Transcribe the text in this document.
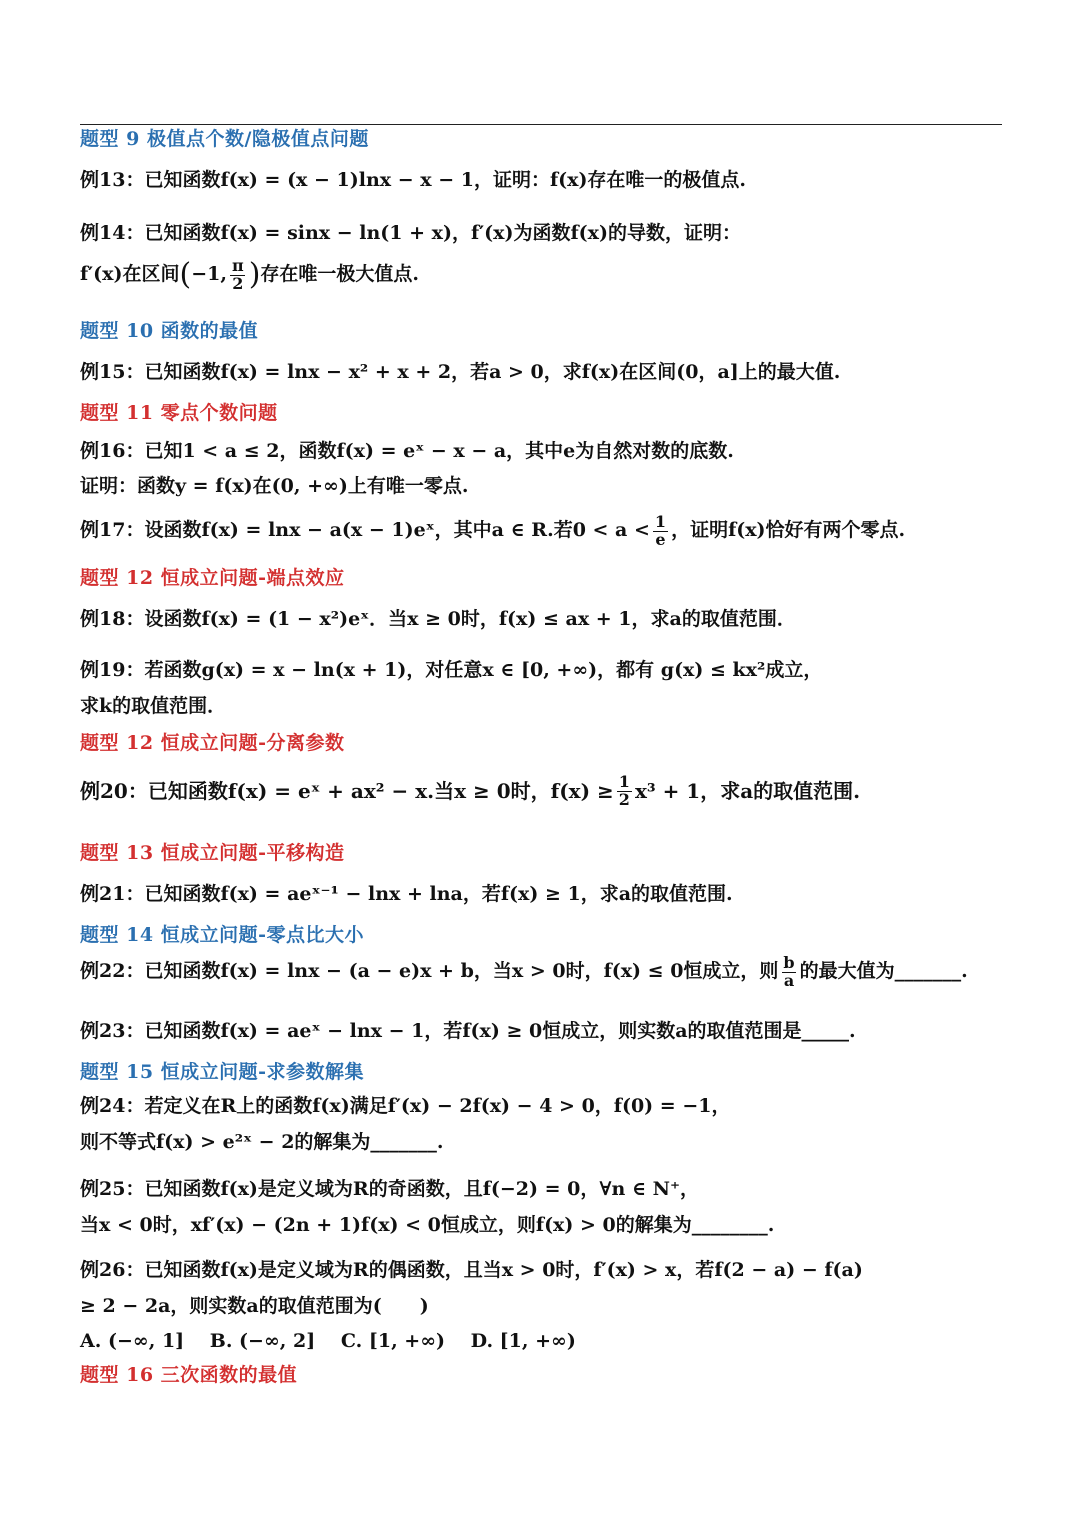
题型 9 极值点个数/隐极值点问题
例13：已知函数f(x) = (x − 1)lnx − x − 1，证明：f(x)存在唯一的极值点.
例14：已知函数f(x) = sinx − ln(1 + x)，f′(x)为函数f(x)的导数，证明：
f′(x)在区间 ( −1, $\frac{\pi}{2}$ ) 存在唯一极大值点.
题型 10 函数的最值
例15：已知函数f(x) = lnx − x² + x + 2，若a > 0，求f(x)在区间(0，a]上的最大值.
题型 11 零点个数问题
例16：已知1 < a ≤ 2，函数f(x) = eˣ − x − a，其中e为自然对数的底数.
证明：函数y = f(x)在(0, +∞)上有唯一零点.
例17：设函数f(x) = lnx − a(x − 1)eˣ，其中a ∈ R.若$0 < a < \frac{1}{e}$ ，证明f(x)恰好有两个零点.
题型 12 恒成立问题-端点效应
例18：设函数f(x) = (1 − x²)eˣ．当x ≥ 0时，f(x) ≤ ax + 1，求a的取值范围．
例19：若函数g(x) = x − ln(x + 1)，对任意x ∈ [0, +∞)，都有 g(x) ≤ kx²成立，
求k的取值范围．
题型 12 恒成立问题-分离参数
例20：已知函数f(x) = eˣ + ax² − x.当x ≥ 0时，$f(x) \ge \frac{1}{2} x^3 + 1$，求a的取值范围.
题型 13 恒成立问题-平移构造
例21：已知函数f(x) = aeˣ⁻¹ − lnx + lna，若f(x) ≥ 1，求a的取值范围.
题型 14 恒成立问题-零点比大小
例22：已知函数f(x) = lnx − (a − e)x + b，当x > 0时，f(x) ≤ 0恒成立，则 $\frac{b}{a}$ 的最大值为_______.
例23：已知函数f(x) = aeˣ − lnx − 1，若f(x) ≥ 0恒成立，则实数a的取值范围是_____.
题型 15 恒成立问题-求参数解集
例24：若定义在R上的函数f(x)满足f′(x) − 2f(x) − 4 > 0，f(0) = −1，
则不等式f(x) > e²ˣ − 2的解集为_______.
例25：已知函数f(x)是定义域为R的奇函数，且f(−2) = 0，∀n ∈ N⁺，
当x < 0时，xf′(x) − (2n + 1)f(x) < 0恒成立，则f(x) > 0的解集为________.
例26：已知函数f(x)是定义域为R的偶函数，且当x > 0时，f′(x) > x，若f(2 − a) − f(a)
≥ 2 − 2a，则实数a的取值范围为(　　)
A. (−∞, 1]　 B. (−∞, 2]　 C. [1, +∞)　 D. [1, +∞)
题型 16 三次函数的最值
